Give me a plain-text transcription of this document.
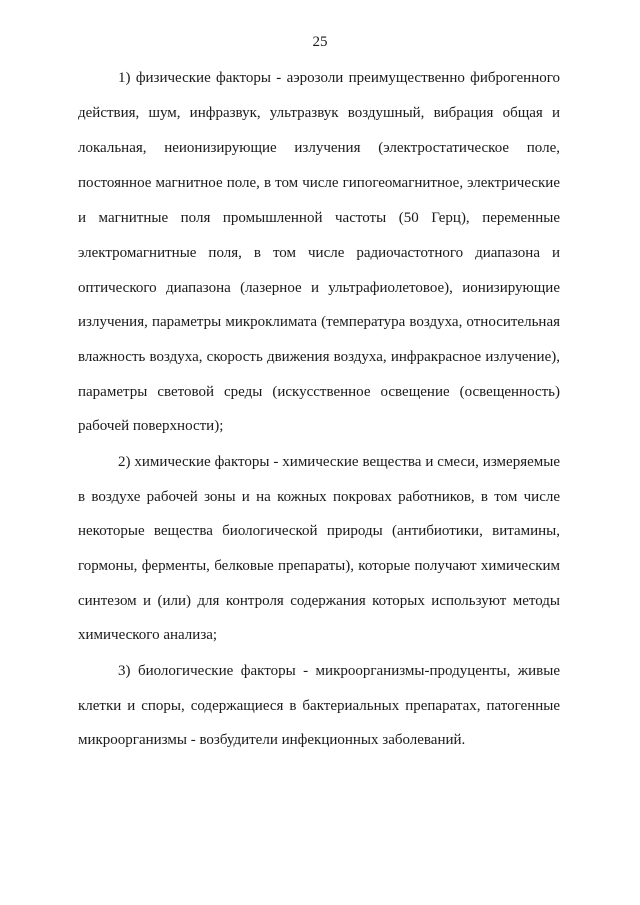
25
1) физические факторы - аэрозоли преимущественно фиброгенного
действия, шум, инфразвук, ультразвук воздушный, вибрация общая и
локальная, неионизирующие излучения (электростатическое поле,
постоянное магнитное поле, в том числе гипогеомагнитное, электрические
и магнитные поля промышленной частоты (50 Герц), переменные
электромагнитные поля, в том числе радиочастотного диапазона и
оптического диапазона (лазерное и ультрафиолетовое), ионизирующие
излучения, параметры микроклимата (температура воздуха, относительная
влажность воздуха, скорость движения воздуха, инфракрасное излучение),
параметры световой среды (искусственное освещение (освещенность)
рабочей поверхности);
2) химические факторы - химические вещества и смеси, измеряемые
в воздухе рабочей зоны и на кожных покровах работников, в том числе
некоторые вещества биологической природы (антибиотики, витамины,
гормоны, ферменты, белковые препараты), которые получают химическим
синтезом и (или) для контроля содержания которых используют методы
химического анализа;
3) биологические факторы - микроорганизмы-продуценты, живые
клетки и споры, содержащиеся в бактериальных препаратах, патогенные
микроорганизмы - возбудители инфекционных заболеваний.
